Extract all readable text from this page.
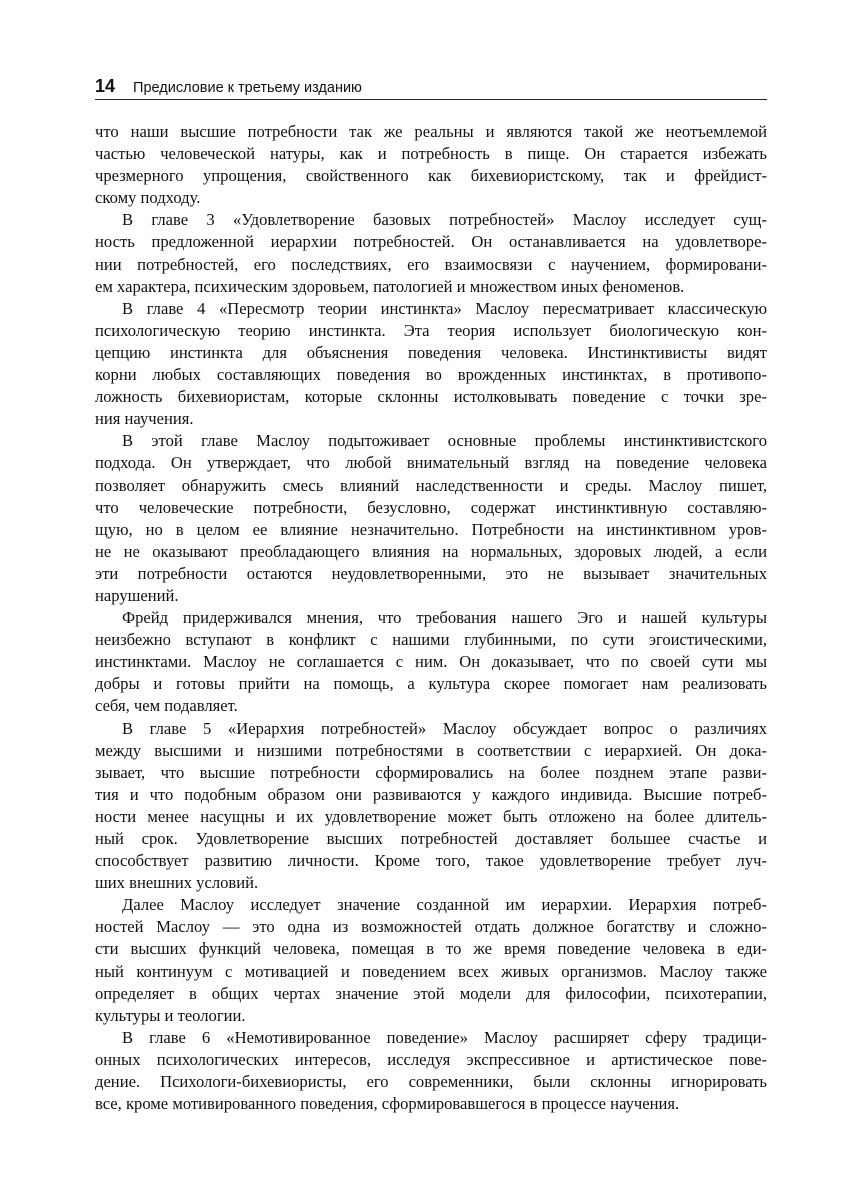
14 Предисловие к третьему изданию
что наши высшие потребности так же реальны и являются такой же неотъемлемой
частью человеческой натуры, как и потребность в пище. Он старается избежать
чрезмерного упрощения, свойственного как бихевиористскому, так и фрейдист-
скому подходу.
В главе 3 «Удовлетворение базовых потребностей» Маслоу исследует сущ-
ность предложенной иерархии потребностей. Он останавливается на удовлетворе-
нии потребностей, его последствиях, его взаимосвязи с научением, формировани-
ем характера, психическим здоровьем, патологией и множеством иных феноменов.
В главе 4 «Пересмотр теории инстинкта» Маслоу пересматривает классическую
психологическую теорию инстинкта. Эта теория использует биологическую кон-
цепцию инстинкта для объяснения поведения человека. Инстинктивисты видят
корни любых составляющих поведения во врожденных инстинктах, в противопо-
ложность бихевиористам, которые склонны истолковывать поведение с точки зре-
ния научения.
В этой главе Маслоу подытоживает основные проблемы инстинктивистского
подхода. Он утверждает, что любой внимательный взгляд на поведение человека
позволяет обнаружить смесь влияний наследственности и среды. Маслоу пишет,
что человеческие потребности, безусловно, содержат инстинктивную составляю-
щую, но в целом ее влияние незначительно. Потребности на инстинктивном уров-
не не оказывают преобладающего влияния на нормальных, здоровых людей, а если
эти потребности остаются неудовлетворенными, это не вызывает значительных
нарушений.
Фрейд придерживался мнения, что требования нашего Эго и нашей культуры
неизбежно вступают в конфликт с нашими глубинными, по сути эгоистическими,
инстинктами. Маслоу не соглашается с ним. Он доказывает, что по своей сути мы
добры и готовы прийти на помощь, а культура скорее помогает нам реализовать
себя, чем подавляет.
В главе 5 «Иерархия потребностей» Маслоу обсуждает вопрос о различиях
между высшими и низшими потребностями в соответствии с иерархией. Он дока-
зывает, что высшие потребности сформировались на более позднем этапе разви-
тия и что подобным образом они развиваются у каждого индивида. Высшие потреб-
ности менее насущны и их удовлетворение может быть отложено на более длитель-
ный срок. Удовлетворение высших потребностей доставляет большее счастье и
способствует развитию личности. Кроме того, такое удовлетворение требует луч-
ших внешних условий.
Далее Маслоу исследует значение созданной им иерархии. Иерархия потреб-
ностей Маслоу — это одна из возможностей отдать должное богатству и сложно-
сти высших функций человека, помещая в то же время поведение человека в еди-
ный континуум с мотивацией и поведением всех живых организмов. Маслоу также
определяет в общих чертах значение этой модели для философии, психотерапии,
культуры и теологии.
В главе 6 «Немотивированное поведение» Маслоу расширяет сферу традици-
онных психологических интересов, исследуя экспрессивное и артистическое пове-
дение. Психологи-бихевиористы, его современники, были склонны игнорировать
все, кроме мотивированного поведения, сформировавшегося в процессе научения.
